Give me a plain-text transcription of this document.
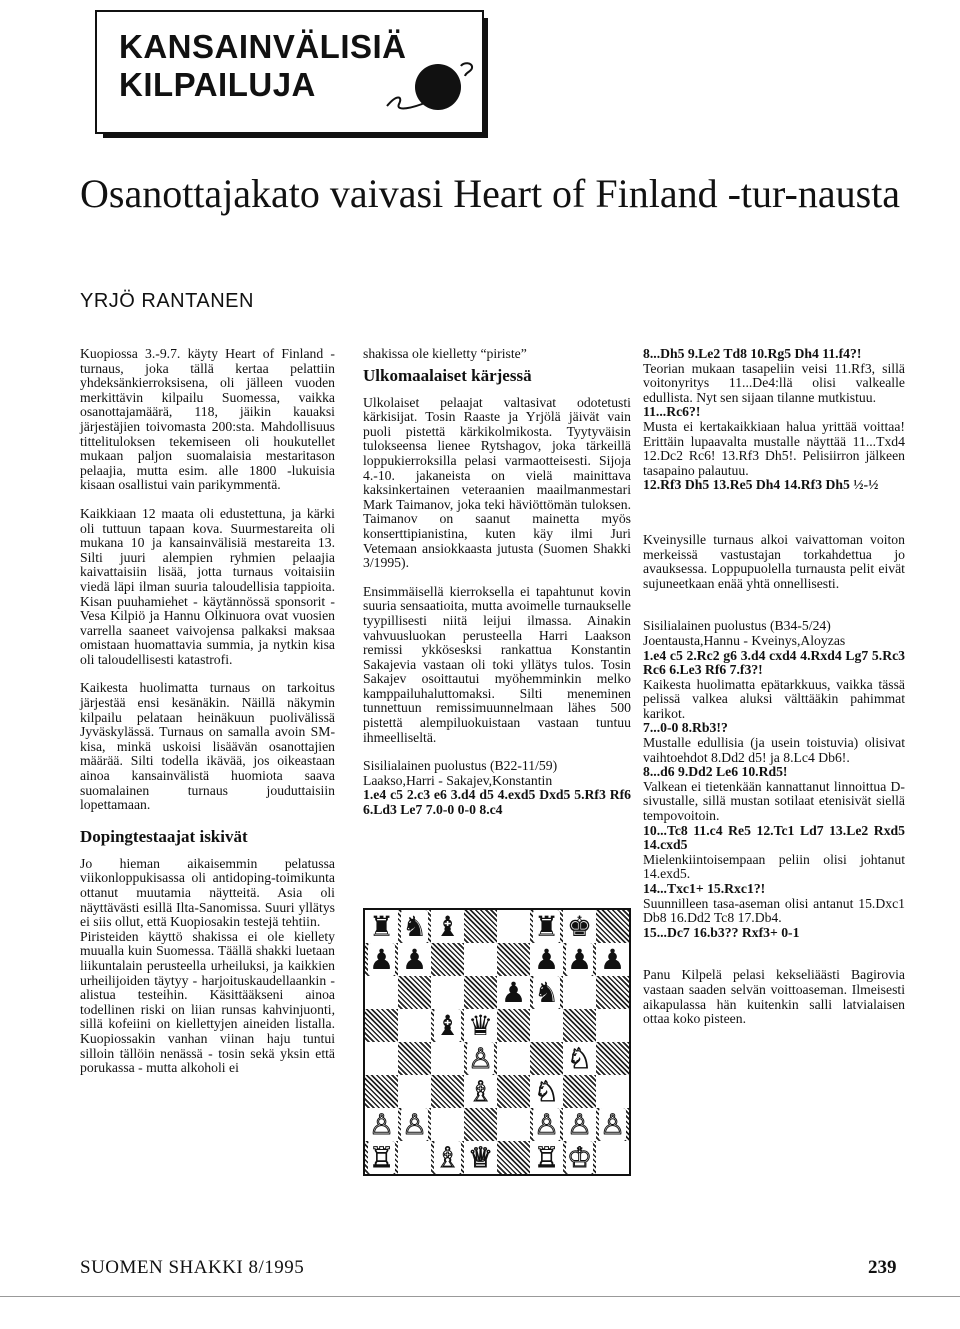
KANSAINVÄLISIÄ
KILPAILUJA
Osanottajakato vaivasi Heart of Finland -tur-nausta
YRJÖ RANTANEN

Kuopiossa 3.-9.7. käyty Heart of Finland -turnaus, joka tällä kertaa pelattiin yhdeksänkierroksisena, oli jälleen vuoden merkittävin kilpailu Suomessa, vaikka osanottajamäärä, 118, jäikin kauaksi järjestäjien toivomasta 200:sta. Mahdollisuus tittelituloksen tekemiseen oli houkutellet mukaan paljon suomalaisia mestaritason pelaajia, mutta esim. alle 1800 -lukuisia kisaan osallistui vain parikymmentä.

Kaikkiaan 12 maata oli edustettuna, ja kärki oli tuttuun tapaan kova. Suurmestareita oli mukana 10 ja kansainvälisiä mestareita 13. Silti juuri alempien ryhmien pelaajia kaivattaisiin lisää, jotta turnaus voitaisiin viedä läpi ilman suuria taloudellisia tappioita. Kisan puuhamiehet - käytännössä sponsorit - Vesa Kilpiö ja Hannu Olkinuora ovat vuosien varrella saaneet vaivojensa palkaksi maksaa omistaan huomattavia summia, ja nytkin kisa oli taloudellisesti katastrofi.

Kaikesta huolimatta turnaus on tarkoitus järjestää ensi kesänäkin. Näillä näkymin kilpailu pelataan heinäkuun puolivälissä Jyväskylässä. Turnaus on samalla avoin SM-kisa, minkä uskoisi lisäävän osanottajien määrää. Silti todella ikävää, jos oikeastaan ainoa kansainvälistä huomiota saava suomalainen turnaus jouduttaisiin lopettamaan.

Dopingtestaajat iskivät

Jo hieman aikaisemmin pelatussa viikonloppukisassa oli antidoping-toimikunta ottanut muutamia näytteitä. Asia oli näyttävästi esillä Ilta-Sanomissa. Suuri yllätys ei siis ollut, että Kuopiosakin testejä tehtiin.

Piristeiden käyttö shakissa ei ole kiellety muualla kuin Suomessa. Täällä shakki luetaan liikuntalain perusteella urheiluksi, ja kaikkien urheilijoiden täytyy - harjoituskaudellaankin - alistua testeihin. Käsittääkseni ainoa todellinen riski on liian runsas kahvinjuonti, sillä kofeiini on kiellettyjen aineiden listalla. Kuopiossakin vanhan viinan haju tuntui silloin tällöin nenässä - tosin sekä yksin että porukassa - mutta alkoholi ei

shakissa ole kielletty “piriste”

Ulkomaalaiset kärjessä

Ulkolaiset pelaajat valtasivat odotetusti kärkisijat. Tosin Raaste ja Yrjölä jäivät vain puoli pistettä kärkikolmikosta. Tyytyväisin tulokseensa lienee Rytshagov, joka tärkeillä loppukierroksilla pelasi varmaotteisesti. Sijoja 4.-10. jakaneista on vielä mainittava kaksinkertainen veteraanien maailmanmestari Mark Taimanov, joka teki häviöttömän tuloksen. Taimanov on saanut mainetta myös konserttipianistina, kuten käy ilmi Juri Vetemaan ansiokkaasta jutusta (Suomen Shakki 3/1995).

Ensimmäisellä kierroksella ei tapahtunut kovin suuria sensaatioita, mutta avoimelle turnaukselle tyypillisesti niitä leijui ilmassa. Ainakin vahvuusluokan perusteella Harri Laakson remissi ykkösesksi rankattua Konstantin Sakajevia vastaan oli toki yllätys tulos. Tosin Sakajev osoittautui myöhemminkin melko kamppailuhaluttomaksi. Silti meneminen tunnettuun remissimuunnelmaan lähes 500 pistettä alempiluokuistaan vastaan tuntuu ihmeelliseltä.

Sisilialainen puolustus (B22-11/59)
Laakso,Harri - Sakajev,Konstantin
1.e4 c5 2.c3 e6 3.d4 d5 4.exd5 Dxd5 5.Rf3 Rf6 6.Ld3 Le7 7.0-0 0-0 8.c4
♜ ♞ ♝	♜ ♚
♟ ♟	♟ ♟ ♟
♟ ♞
♝ ♛
♙	♘
♗ ♘
♙ ♙	♙ ♙ ♙
♖ ♗ ♕ ♖ ♔
8...Dh5 9.Le2 Td8 10.Rg5 Dh4 11.f4?!
Teorian mukaan tasapeliin veisi 11.Rf3, sillä voitonyritys 11...De4:llä olisi valkealle edullista. Nyt sen sijaan tilanne mutkistuu.
11...Rc6?!
Musta ei kertakaikkiaan halua yrittää voittaa! Erittäin lupaavalta mustalle näyttää 11...Txd4 12.Dc2 Rc6! 13.Rf3 Dh5!. Pelisiirron jälkeen tasapaino palautuu.
12.Rf3 Dh5 13.Re5 Dh4 14.Rf3 Dh5 ½-½

Kveinysille turnaus alkoi vaivattoman voiton merkeissä vastustajan torkahdettua jo avauksessa. Loppupuolella turnausta pelit eivät sujuneetkaan enää yhtä onnellisesti.

Sisilialainen puolustus (B34-5/24)
Joentausta,Hannu - Kveinys,Aloyzas
1.e4 c5 2.Rc2 g6 3.d4 cxd4 4.Rxd4 Lg7 5.Rc3 Rc6 6.Le3 Rf6 7.f3?!
Kaikesta huolimatta epätarkkuus, vaikka tässä pelissä valkea aluksi välttääkin pahimmat karikot.
7...0-0 8.Rb3!?
Mustalle edullisia (ja usein toistuvia) olisivat vaihtoehdot 8.Dd2 d5! ja 8.Lc4 Db6!.
8...d6 9.Dd2 Le6 10.Rd5!
Valkean ei tietenkään kannattanut linnoittua D-sivustalle, sillä mustan sotilaat etenisivät siellä tempovoitoin.
10...Tc8 11.c4 Re5 12.Tc1 Ld7 13.Le2 Rxd5 14.cxd5
Mielenkiintoisempaan peliin olisi johtanut 14.exd5.
14...Txc1+ 15.Rxc1?!
Suunnilleen tasa-aseman olisi antanut 15.Dxc1 Db8 16.Dd2 Tc8 17.Db4.
15...Dc7 16.b3?? Rxf3+ 0-1

Panu Kilpelä pelasi kekseliäästi Bagirovia vastaan saaden selvän voittoaseman. Ilmeisesti aikapulassa hän kuitenkin salli latvialaisen ottaa koko pisteen.

SUOMEN SHAKKI 8/1995	239
